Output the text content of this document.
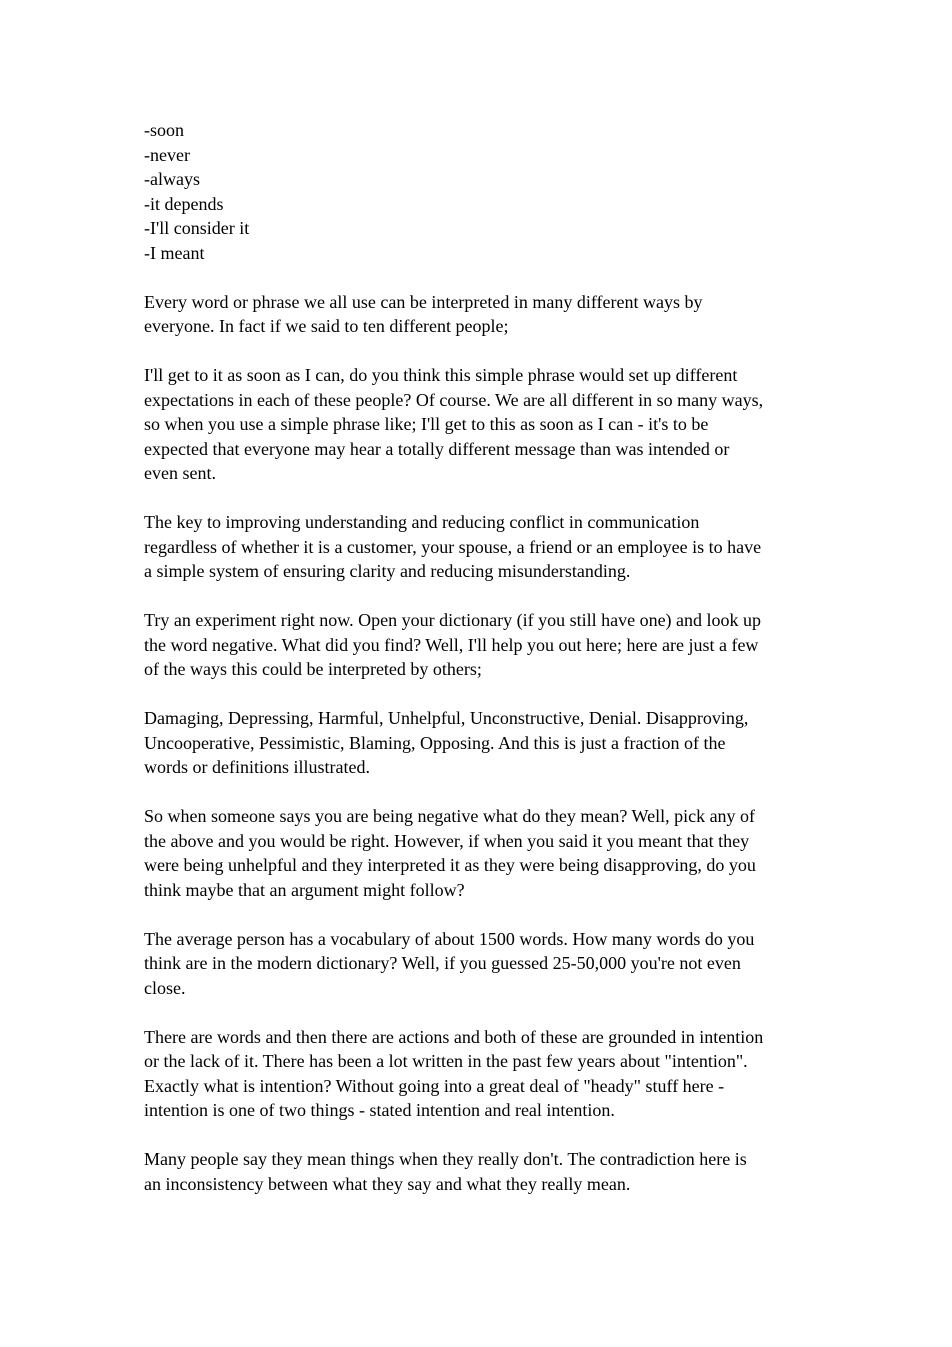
-soon
-never
-always
-it depends
-I'll consider it
-I meant
Every word or phrase we all use can be interpreted in many different ways by
everyone. In fact if we said to ten different people;
I'll get to it as soon as I can, do you think this simple phrase would set up different
expectations in each of these people? Of course. We are all different in so many ways,
so when you use a simple phrase like; I'll get to this as soon as I can - it's to be
expected that everyone may hear a totally different message than was intended or
even sent.
The key to improving understanding and reducing conflict in communication
regardless of whether it is a customer, your spouse, a friend or an employee is to have
a simple system of ensuring clarity and reducing misunderstanding.
Try an experiment right now. Open your dictionary (if you still have one) and look up
the word negative. What did you find? Well, I'll help you out here; here are just a few
of the ways this could be interpreted by others;
Damaging, Depressing, Harmful, Unhelpful, Unconstructive, Denial. Disapproving,
Uncooperative, Pessimistic, Blaming, Opposing. And this is just a fraction of the
words or definitions illustrated.
So when someone says you are being negative what do they mean? Well, pick any of
the above and you would be right. However, if when you said it you meant that they
were being unhelpful and they interpreted it as they were being disapproving, do you
think maybe that an argument might follow?
The average person has a vocabulary of about 1500 words. How many words do you
think are in the modern dictionary? Well, if you guessed 25-50,000 you're not even
close.
There are words and then there are actions and both of these are grounded in intention
or the lack of it. There has been a lot written in the past few years about "intention".
Exactly what is intention? Without going into a great deal of "heady" stuff here -
intention is one of two things - stated intention and real intention.
Many people say they mean things when they really don't. The contradiction here is
an inconsistency between what they say and what they really mean.
